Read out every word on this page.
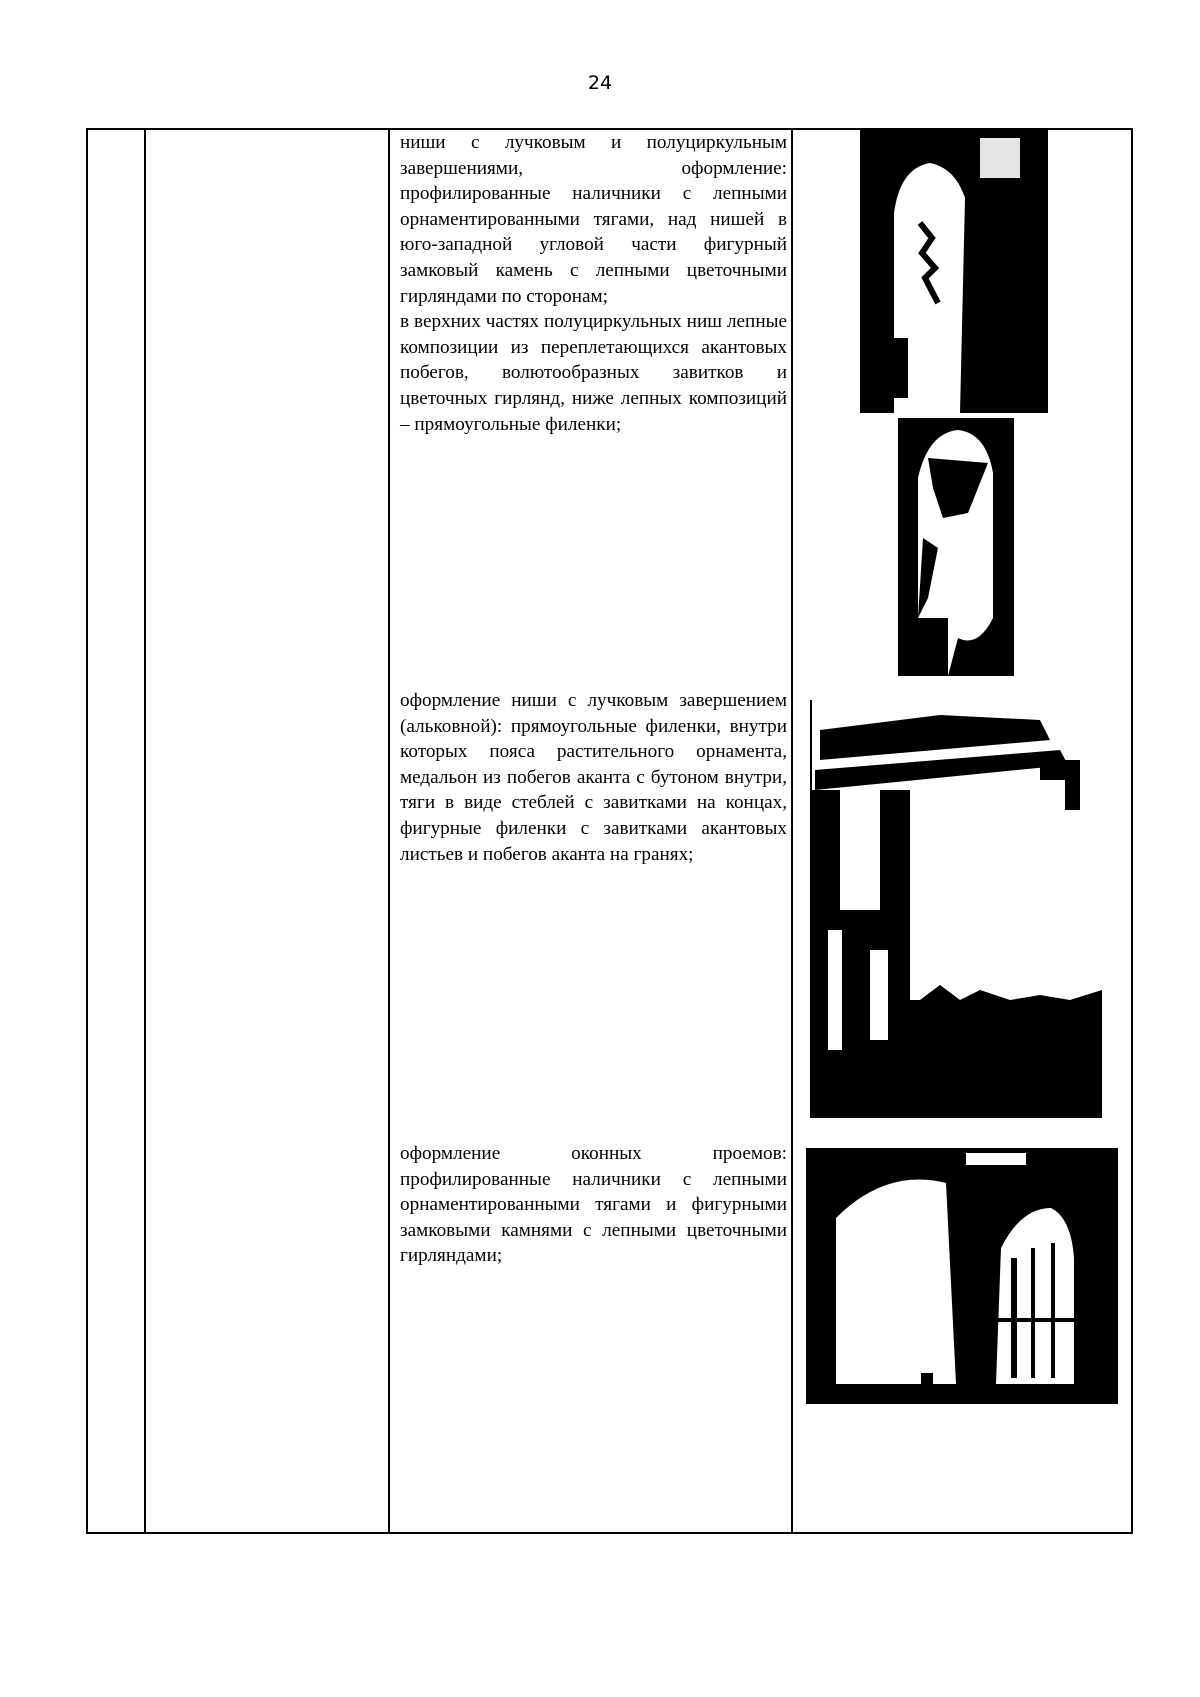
24

ниши с лучковым и полуциркульным завершениями, оформление: профилированные наличники с лепными орнаментированными тягами, над нишей в юго-западной угловой части фигурный замковый камень с лепными цветочными гирляндами по сторонам;

в верхних частях полуциркульных ниш лепные композиции из переплетающихся акантовых побегов, волютообразных завитков и цветочных гирлянд, ниже лепных композиций – прямоугольные филенки;

оформление ниши с лучковым завершением (альковной): прямоугольные филенки, внутри которых пояса растительного орнамента, медальон из побегов аканта с бутоном внутри, тяги в виде стеблей с завитками на концах, фигурные филенки с завитками акантовых листьев и побегов аканта на гранях;

оформление оконных проемов: профилированные наличники с лепными орнаментированными тягами и фигурными замковыми камнями с лепными цветочными гирляндами;
